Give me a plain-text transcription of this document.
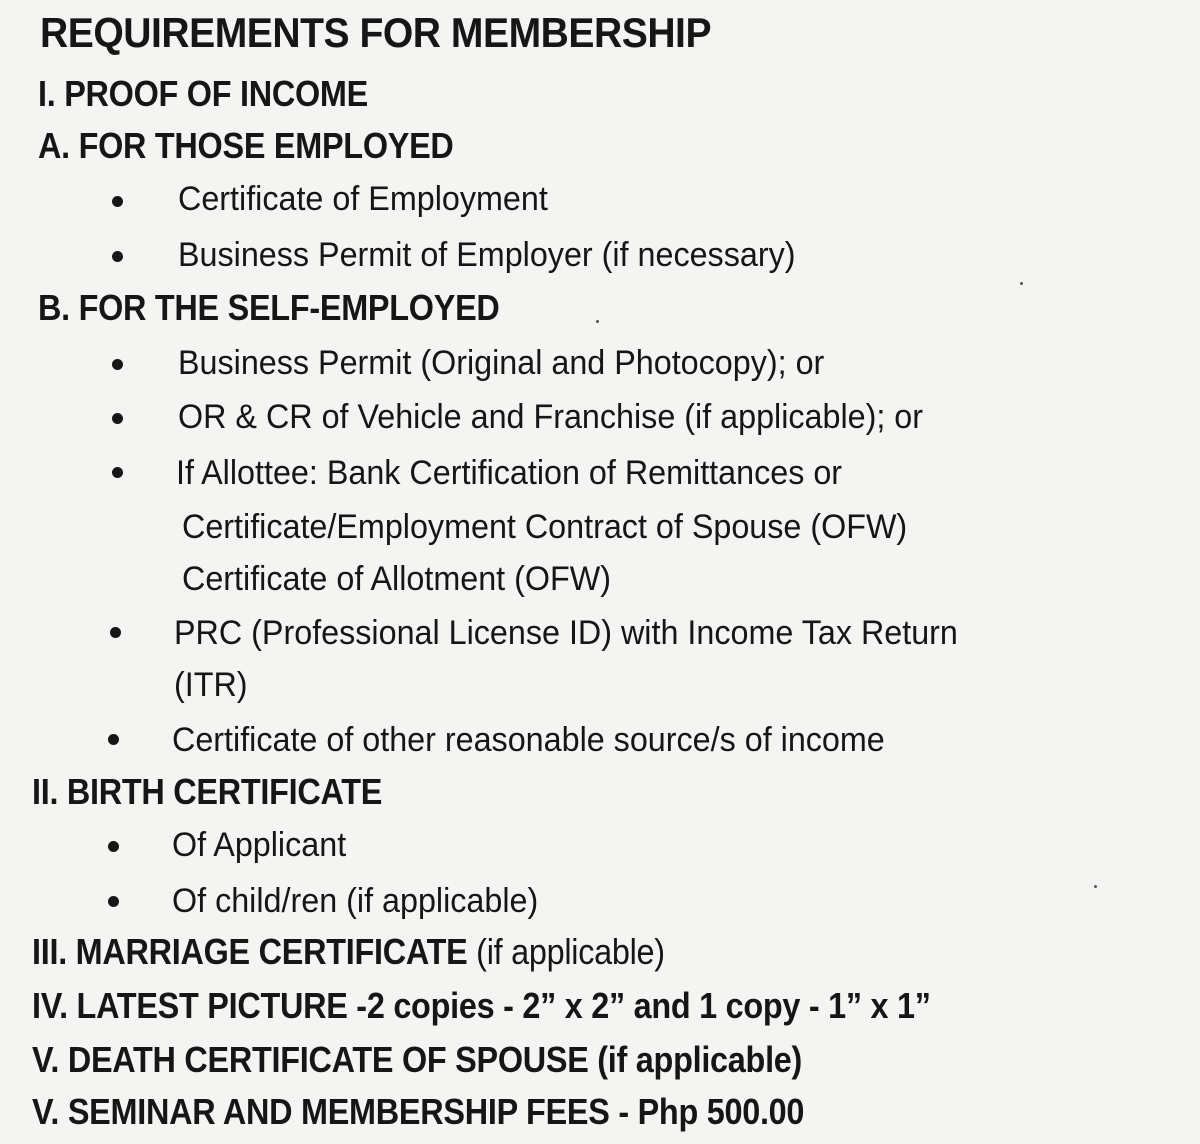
REQUIREMENTS FOR MEMBERSHIP
I. PROOF OF INCOME
A. FOR THOSE EMPLOYED
Certificate of Employment
Business Permit of Employer (if necessary)
B. FOR THE SELF-EMPLOYED
Business Permit (Original and Photocopy); or
OR & CR of Vehicle and Franchise (if applicable); or
If Allottee: Bank Certification of Remittances or
Certificate/Employment Contract of Spouse (OFW)
Certificate of Allotment (OFW)
PRC (Professional License ID) with Income Tax Return
(ITR)
Certificate of other reasonable source/s of income
II. BIRTH CERTIFICATE
Of Applicant
Of child/ren (if applicable)
III. MARRIAGE CERTIFICATE (if applicable)
IV. LATEST PICTURE -2 copies - 2” x 2” and 1 copy - 1” x 1”
V. DEATH CERTIFICATE OF SPOUSE (if applicable)
V. SEMINAR AND MEMBERSHIP FEES - Php 500.00
